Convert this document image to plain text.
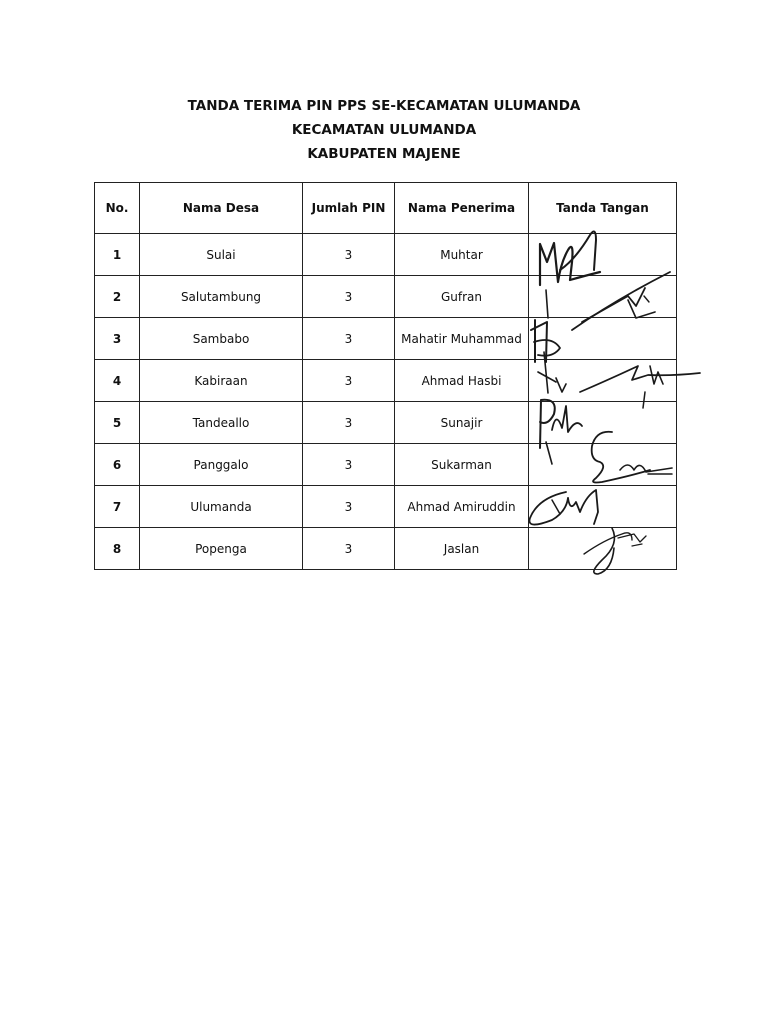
TANDA TERIMA PIN PPS SE-KECAMATAN ULUMANDA
KECAMATAN ULUMANDA
KABUPATEN MAJENE
No.	Nama Desa	Jumlah PIN	Nama Penerima	Tanda Tangan
1	Sulai	3	Muhtar	
2	Salutambung	3	Gufran	
3	Sambabo	3	Mahatir Muhammad	
4	Kabiraan	3	Ahmad Hasbi	
5	Tandeallo	3	Sunajir	
6	Panggalo	3	Sukarman	
7	Ulumanda	3	Ahmad Amiruddin	
8	Popenga	3	Jaslan	
